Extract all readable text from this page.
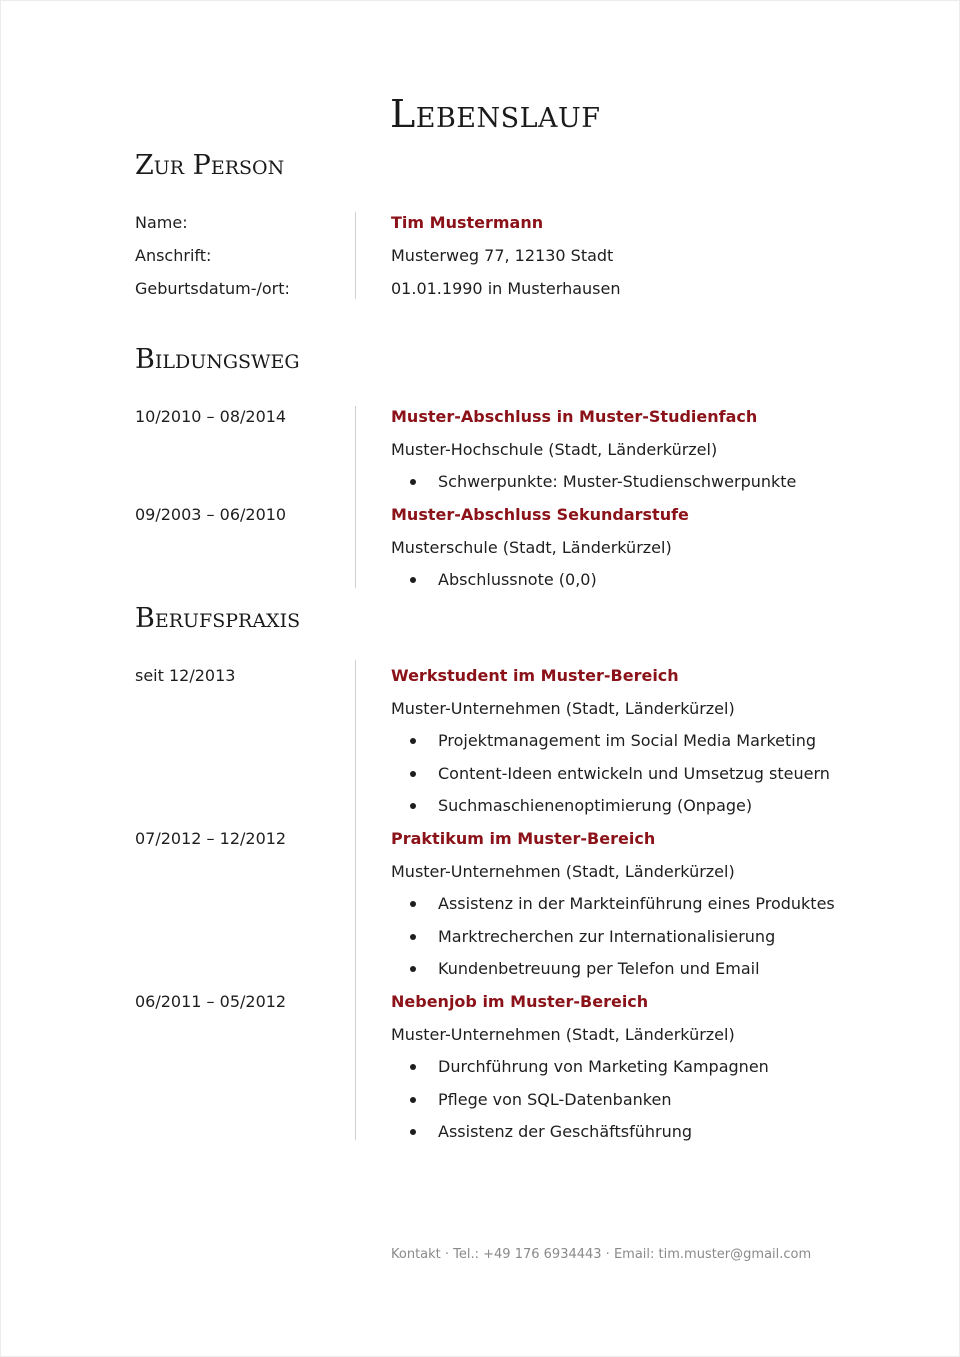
Lebenslauf
Zur Person
Name:	Tim Mustermann
Anschrift:	Musterweg 77, 12130 Stadt
Geburtsdatum-/ort:	01.01.1990 in Musterhausen
Bildungsweg
10/2010 – 08/2014	Muster-Abschluss in Muster-Studienfach
Muster-Hochschule (Stadt, Länderkürzel)
Schwerpunkte: Muster-Studienschwerpunkte
09/2003 – 06/2010	Muster-Abschluss Sekundarstufe
Musterschule (Stadt, Länderkürzel)
Abschlussnote (0,0)
Berufspraxis
seit 12/2013	Werkstudent im Muster-Bereich
Muster-Unternehmen (Stadt, Länderkürzel)
Projektmanagement im Social Media Marketing
Content-Ideen entwickeln und Umsetzug steuern
Suchmaschienenoptimierung (Onpage)
07/2012 – 12/2012	Praktikum im Muster-Bereich
Muster-Unternehmen (Stadt, Länderkürzel)
Assistenz in der Markteinführung eines Produktes
Marktrecherchen zur Internationalisierung
Kundenbetreuung per Telefon und Email
06/2011 – 05/2012	Nebenjob im Muster-Bereich
Muster-Unternehmen (Stadt, Länderkürzel)
Durchführung von Marketing Kampagnen
Pflege von SQL-Datenbanken
Assistenz der Geschäftsführung
Kontakt · Tel.: +49 176 6934443 · Email: tim.muster@gmail.com
